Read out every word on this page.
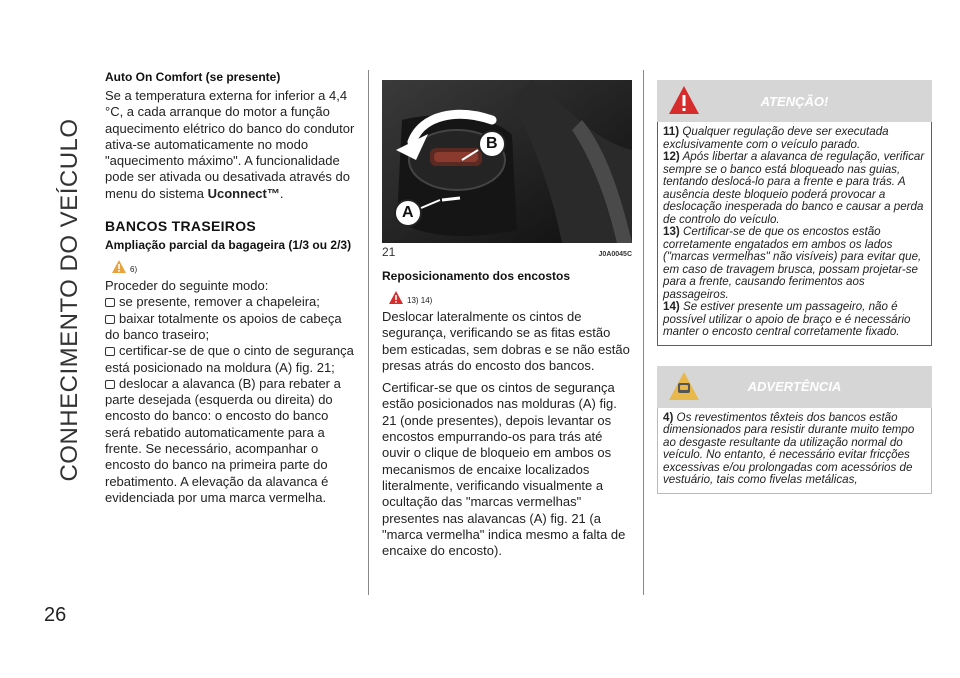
CONHECIMENTO DO VEÍCULO
26
Auto On Comfort (se presente)
Se a temperatura externa for inferior a 4,4 °C, a cada arranque do motor a função aquecimento elétrico do banco do condutor ativa-se automaticamente no modo "aquecimento máximo". A funcionalidade pode ser ativada ou desativada através do menu do sistema Uconnect™.
BANCOS TRASEIROS
Ampliação parcial da bagageira (1/3 ou 2/3)
6)

Proceder do seguinte modo:

se presente, remover a chapeleira;

baixar totalmente os apoios de cabeça do banco traseiro;

certificar-se de que o cinto de segurança está posicionado na moldura (A) fig. 21;

deslocar a alavanca (B) para rebater a parte desejada (esquerda ou direita) do encosto do banco: o encosto do banco será rebatido automaticamente para a frente. Se necessário, acompanhar o encosto do banco na primeira parte do rebatimento. A elevação da alavanca é evidenciada por uma marca vermelha.

B
A
21	J0A0045C
Reposicionamento dos encostos
13) 14)

Deslocar lateralmente os cintos de segurança, verificando se as fitas estão bem esticadas, sem dobras e se não estão presas atrás do encosto dos bancos.

Certificar-se que os cintos de segurança estão posicionados nas molduras (A) fig. 21 (onde presentes), depois levantar os encostos empurrando-os para trás até ouvir o clique de bloqueio em ambos os mecanismos de encaixe localizados literalmente, verificando visualmente a ocultação das "marcas vermelhas" presentes nas alavancas (A) fig. 21 (a "marca vermelha" indica mesmo a falta de encaixe do encosto).

ATENÇÃO!
11) Qualquer regulação deve ser executada exclusivamente com o veículo parado.
12) Após libertar a alavanca de regulação, verificar sempre se o banco está bloqueado nas guias, tentando deslocá-lo para a frente e para trás. A ausência deste bloqueio poderá provocar a deslocação inesperada do banco e causar a perda de controlo do veículo.
13) Certificar-se de que os encostos estão corretamente engatados em ambos os lados ("marcas vermelhas" não visíveis) para evitar que, em caso de travagem brusca, possam projetar-se para a frente, causando ferimentos aos passageiros.
14) Se estiver presente um passageiro, não é possível utilizar o apoio de braço e é necessário manter o encosto central corretamente fixado.
ADVERTÊNCIA
4) Os revestimentos têxteis dos bancos estão dimensionados para resistir durante muito tempo ao desgaste resultante da utilização normal do veículo. No entanto, é necessário evitar fricções excessivas e/ou prolongadas com acessórios de vestuário, tais como fivelas metálicas,
